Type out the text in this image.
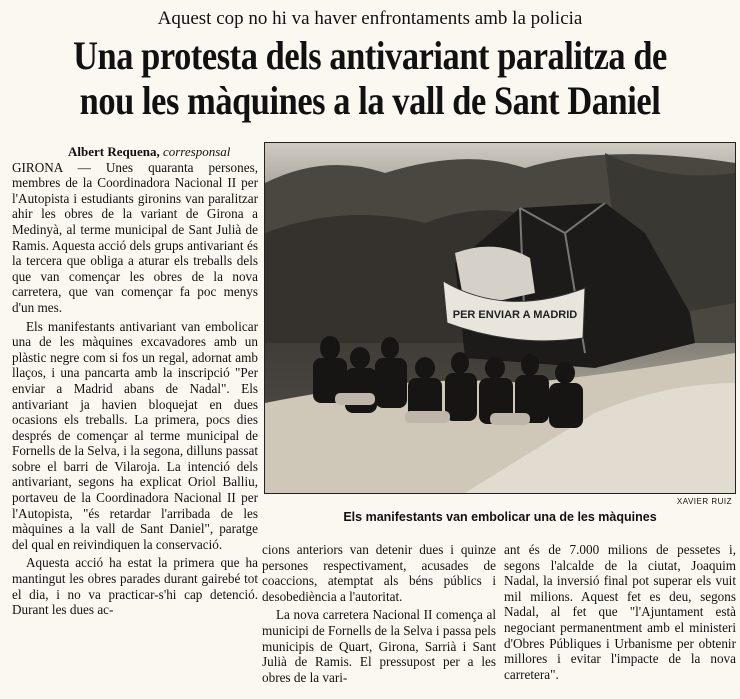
Aquest cop no hi va haver enfrontaments amb la policia
Una protesta dels antivariant paralitza de
nou les màquines a la vall de Sant Daniel
Albert Requena, corresponsal

GIRONA — Unes quaranta persones, membres de la Coordinadora Nacional II per l'Autopista i estudiants gironins van paralitzar ahir les obres de la variant de Girona a Medinyà, al terme municipal de Sant Julià de Ramis. Aquesta acció dels grups antivariant és la tercera que obliga a aturar els treballs dels que van començar les obres de la nova carretera, que van començar fa poc menys d'un mes.

Els manifestants antivariant van embolicar una de les màquines excavadores amb un plàstic negre com si fos un regal, adornat amb llaços, i una pancarta amb la inscripció "Per enviar a Madrid abans de Nadal". Els antivariant ja havien bloquejat en dues ocasions els treballs. La primera, pocs dies després de començar al terme municipal de Fornells de la Selva, i la segona, dilluns passat sobre el barri de Vilaroja. La intenció dels antivariant, segons ha explicat Oriol Balliu, portaveu de la Coordinadora Nacional II per l'Autopista, "és retardar l'arribada de les màquines a la vall de Sant Daniel", paratge del qual en reivindiquen la conservació.

Aquesta acció ha estat la primera que ha mantingut les obres parades durant gairebé tot el dia, i no va practicar-s'hi cap detenció. Durant les dues ac-

PER ENVIAR A MADRID
XAVIER RUIZ
Els manifestants van embolicar una de les màquines

cions anteriors van detenir dues i quinze persones respectivament, acusades de coaccions, atemptat als béns públics i desobediència a l'autoritat.

La nova carretera Nacional II comença al municipi de Fornells de la Selva i passa pels municipis de Quart, Girona, Sarrià i Sant Julià de Ramis. El pressupost per a les obres de la vari-

ant és de 7.000 milions de pessetes i, segons l'alcalde de la ciutat, Joaquim Nadal, la inversió final pot superar els vuit mil milions. Aquest fet es deu, segons Nadal, al fet que "l'Ajuntament està negociant permanentment amb el ministeri d'Obres Públiques i Urbanisme per obtenir millores i evitar l'impacte de la nova carretera".
